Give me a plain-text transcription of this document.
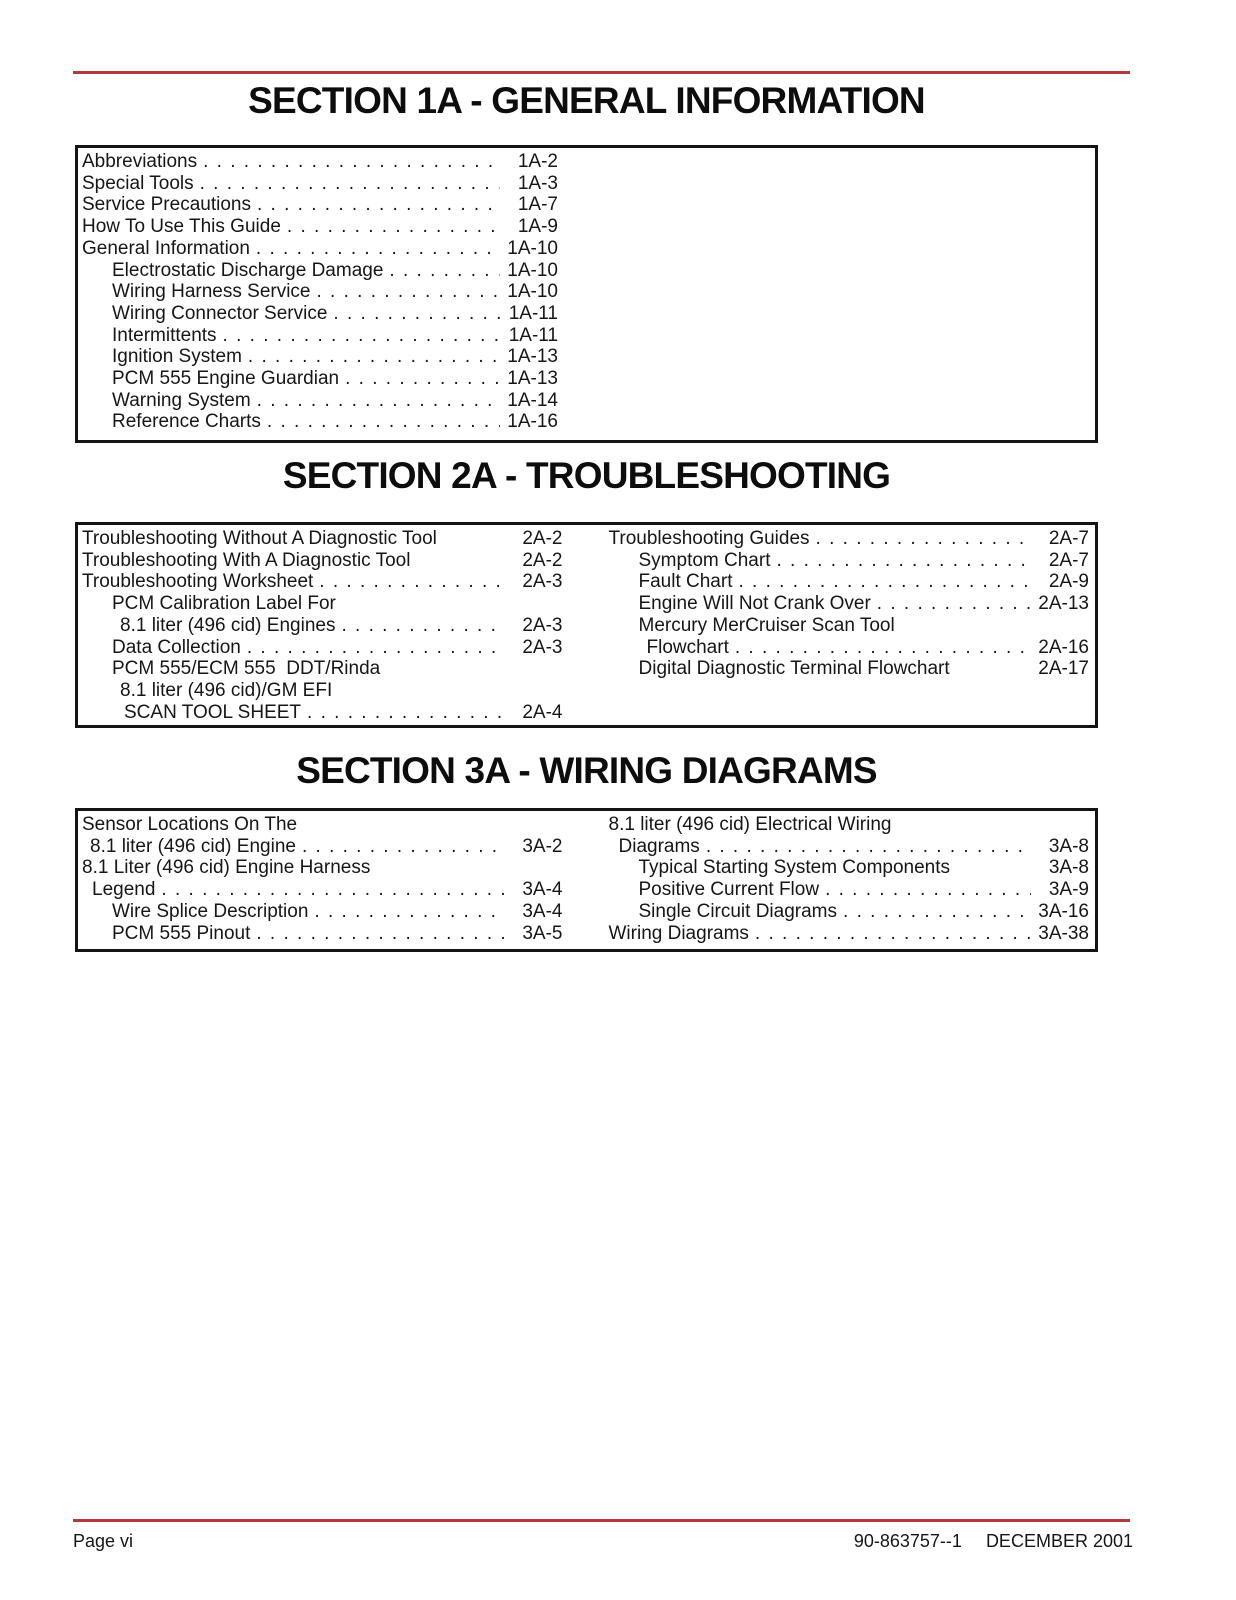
SECTION 1A - GENERAL INFORMATION
Abbreviations . . .	1A-2
Special Tools . . .	1A-3
Service Precautions . . .	1A-7
How To Use This Guide . . .	1A-9
General Information . . .	1A-10
Electrostatic Discharge Damage . . .	1A-10
Wiring Harness Service . . .	1A-10
Wiring Connector Service . . .	1A-11
Intermittents . . .	1A-11
Ignition System . . .	1A-13
PCM 555 Engine Guardian . . .	1A-13
Warning System . . .	1A-14
Reference Charts . . .	1A-16
SECTION 2A - TROUBLESHOOTING
Troubleshooting Without A Diagnostic Tool	2A-2
Troubleshooting With A Diagnostic Tool	2A-2
Troubleshooting Worksheet . . .	2A-3
PCM Calibration Label For
8.1 liter (496 cid) Engines . . .	2A-3
Data Collection . . .	2A-3
PCM 555/ECM 555  DDT/Rinda
8.1 liter (496 cid)/GM EFI
SCAN TOOL SHEET . . .	2A-4
Troubleshooting Guides . . .	2A-7
Symptom Chart . . .	2A-7
Fault Chart . . .	2A-9
Engine Will Not Crank Over . . .	2A-13
Mercury MerCruiser Scan Tool
Flowchart . . .	2A-16
Digital Diagnostic Terminal Flowchart	2A-17
SECTION 3A - WIRING DIAGRAMS
Sensor Locations On The
8.1 liter (496 cid) Engine . . .	3A-2
8.1 Liter (496 cid) Engine Harness
Legend . . .	3A-4
Wire Splice Description . . .	3A-4
PCM 555 Pinout . . .	3A-5
8.1 liter (496 cid) Electrical Wiring
Diagrams . . .	3A-8
Typical Starting System Components	3A-8
Positive Current Flow . . .	3A-9
Single Circuit Diagrams . . .	3A-16
Wiring Diagrams . . .	3A-38
Page vi	90-863757--1 DECEMBER 2001
